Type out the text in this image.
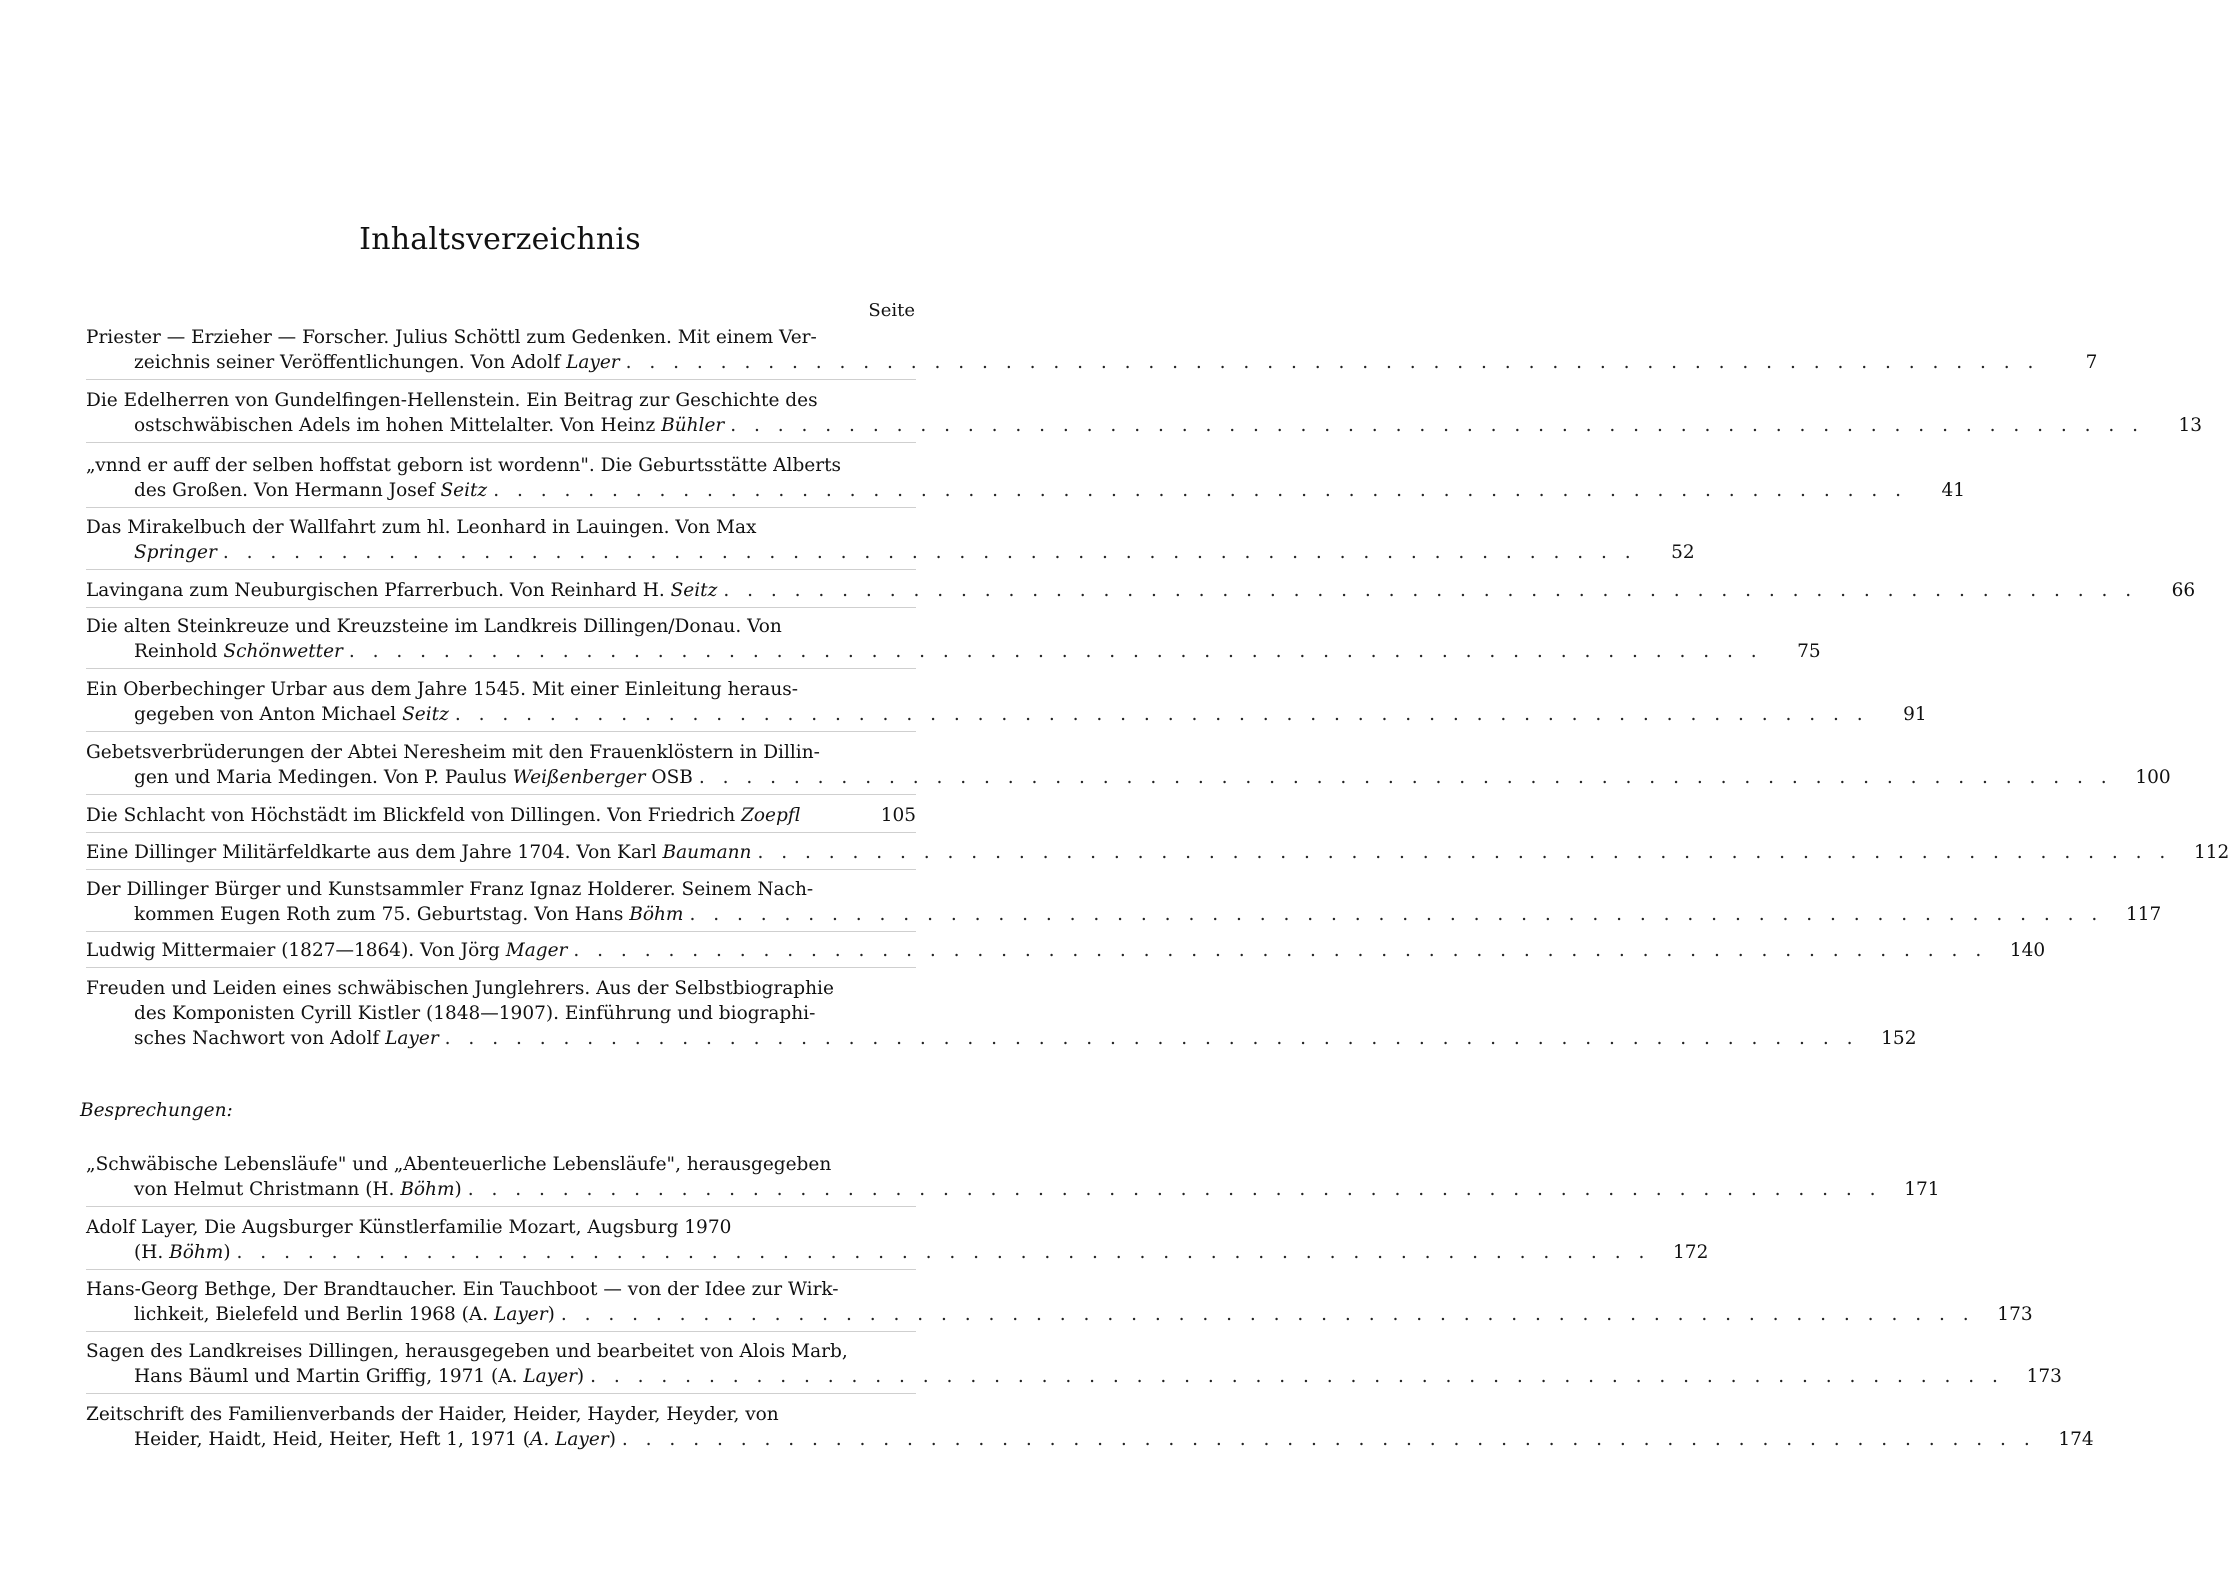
Inhaltsverzeichnis
Seite
Priester — Erzieher — Forscher. Julius Schöttl zum Gedenken. Mit einem Ver-
zeichnis seiner Veröffentlichungen. Von Adolf Layer . . . . . . . . . . . . . . . . . . . . . . . . . . . . . . . . . . . . . . . . . . . . . . . . . . . . . . . . . . . .	7
Die Edelherren von Gundelfingen-Hellenstein. Ein Beitrag zur Geschichte des
ostschwäbischen Adels im hohen Mittelalter. Von Heinz Bühler . . . . . . . . . . . . . . . . . . . . . . . . . . . . . . . . . . . . . . . . . . . . . . . . . . . . . . . . . . . .	13
„vnnd er auff der selben hoffstat geborn ist wordenn". Die Geburtsstätte Alberts
des Großen. Von Hermann Josef Seitz . . . . . . . . . . . . . . . . . . . . . . . . . . . . . . . . . . . . . . . . . . . . . . . . . . . . . . . . . . . .	41
Das Mirakelbuch der Wallfahrt zum hl. Leonhard in Lauingen. Von Max
Springer . . . . . . . . . . . . . . . . . . . . . . . . . . . . . . . . . . . . . . . . . . . . . . . . . . . . . . . . . . . .	52
Lavingana zum Neuburgischen Pfarrerbuch. Von Reinhard H. Seitz . . . . . . . . . . . . . . . . . . . . . . . . . . . . . . . . . . . . . . . . . . . . . . . . . . . . . . . . . . . .	66
Die alten Steinkreuze und Kreuzsteine im Landkreis Dillingen/Donau. Von
Reinhold Schönwetter . . . . . . . . . . . . . . . . . . . . . . . . . . . . . . . . . . . . . . . . . . . . . . . . . . . . . . . . . . . .	75
Ein Oberbechinger Urbar aus dem Jahre 1545. Mit einer Einleitung heraus-
gegeben von Anton Michael Seitz . . . . . . . . . . . . . . . . . . . . . . . . . . . . . . . . . . . . . . . . . . . . . . . . . . . . . . . . . . . .	91
Gebetsverbrüderungen der Abtei Neresheim mit den Frauenklöstern in Dillin-
gen und Maria Medingen. Von P. Paulus Weißenberger OSB . . . . . . . . . . . . . . . . . . . . . . . . . . . . . . . . . . . . . . . . . . . . . . . . . . . . . . . . . . . .	100
Die Schlacht von Höchstädt im Blickfeld von Dillingen. Von Friedrich Zoepfl	105
Eine Dillinger Militärfeldkarte aus dem Jahre 1704. Von Karl Baumann . . . . . . . . . . . . . . . . . . . . . . . . . . . . . . . . . . . . . . . . . . . . . . . . . . . . . . . . . . . .	112
Der Dillinger Bürger und Kunstsammler Franz Ignaz Holderer. Seinem Nach-
kommen Eugen Roth zum 75. Geburtstag. Von Hans Böhm . . . . . . . . . . . . . . . . . . . . . . . . . . . . . . . . . . . . . . . . . . . . . . . . . . . . . . . . . . . .	117
Ludwig Mittermaier (1827—1864). Von Jörg Mager . . . . . . . . . . . . . . . . . . . . . . . . . . . . . . . . . . . . . . . . . . . . . . . . . . . . . . . . . . . .	140
Freuden und Leiden eines schwäbischen Junglehrers. Aus der Selbstbiographie
des Komponisten Cyrill Kistler (1848—1907). Einführung und biographi-
sches Nachwort von Adolf Layer . . . . . . . . . . . . . . . . . . . . . . . . . . . . . . . . . . . . . . . . . . . . . . . . . . . . . . . . . . . .	152
Besprechungen:
„Schwäbische Lebensläufe" und „Abenteuerliche Lebensläufe", herausgegeben
von Helmut Christmann (H. Böhm) . . . . . . . . . . . . . . . . . . . . . . . . . . . . . . . . . . . . . . . . . . . . . . . . . . . . . . . . . . . .	171
Adolf Layer, Die Augsburger Künstlerfamilie Mozart, Augsburg 1970
(H. Böhm) . . . . . . . . . . . . . . . . . . . . . . . . . . . . . . . . . . . . . . . . . . . . . . . . . . . . . . . . . . . .	172
Hans-Georg Bethge, Der Brandtaucher. Ein Tauchboot — von der Idee zur Wirk-
lichkeit, Bielefeld und Berlin 1968 (A. Layer) . . . . . . . . . . . . . . . . . . . . . . . . . . . . . . . . . . . . . . . . . . . . . . . . . . . . . . . . . . . .	173
Sagen des Landkreises Dillingen, herausgegeben und bearbeitet von Alois Marb,
Hans Bäuml und Martin Griffig, 1971 (A. Layer) . . . . . . . . . . . . . . . . . . . . . . . . . . . . . . . . . . . . . . . . . . . . . . . . . . . . . . . . . . . .	173
Zeitschrift des Familienverbands der Haider, Heider, Hayder, Heyder, von
Heider, Haidt, Heid, Heiter, Heft 1, 1971 (A. Layer) . . . . . . . . . . . . . . . . . . . . . . . . . . . . . . . . . . . . . . . . . . . . . . . . . . . . . . . . . . . .	174
